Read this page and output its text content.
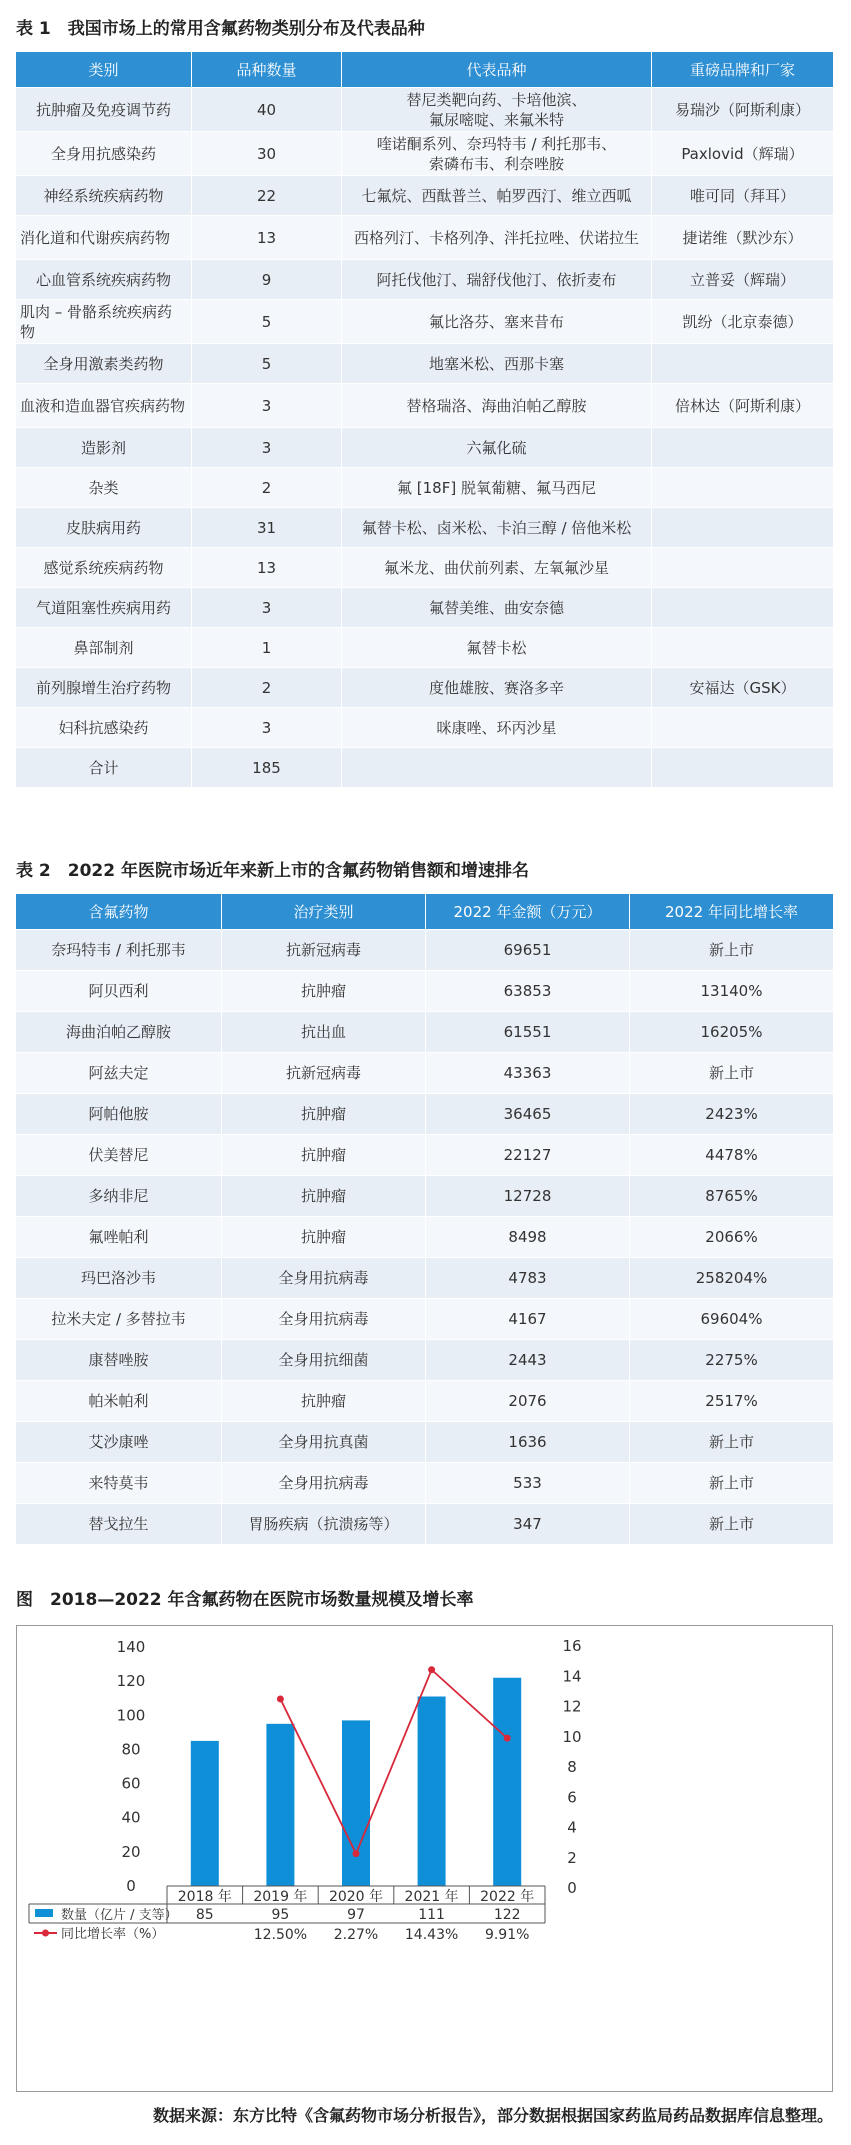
表 1　我国市场上的常用含氟药物类别分布及代表品种
类别	品种数量	代表品种	重磅品牌和厂家
抗肿瘤及免疫调节药	40	替尼类靶向药、卡培他滨、
氟尿嘧啶、来氟米特	易瑞沙（阿斯利康）
全身用抗感染药	30	喹诺酮系列、奈玛特韦 / 利托那韦、
索磷布韦、利奈唑胺	Paxlovid（辉瑞）
神经系统疾病药物	22	七氟烷、西酞普兰、帕罗西汀、维立西呱	唯可同（拜耳）
消化道和代谢疾病药物	13	西格列汀、卡格列净、泮托拉唑、伏诺拉生	捷诺维（默沙东）
心血管系统疾病药物	9	阿托伐他汀、瑞舒伐他汀、依折麦布	立普妥（辉瑞）
肌肉 – 骨骼系统疾病药物	5	氟比洛芬、塞来昔布	凯纷（北京泰德）
全身用激素类药物	5	地塞米松、西那卡塞	
血液和造血器官疾病药物	3	替格瑞洛、海曲泊帕乙醇胺	倍林达（阿斯利康）
造影剂	3	六氟化硫	
杂类	2	氟 [18F] 脱氧葡糖、氟马西尼	
皮肤病用药	31	氟替卡松、卤米松、卡泊三醇 / 倍他米松	
感觉系统疾病药物	13	氟米龙、曲伏前列素、左氧氟沙星	
气道阻塞性疾病用药	3	氟替美维、曲安奈德	
鼻部制剂	1	氟替卡松	
前列腺增生治疗药物	2	度他雄胺、赛洛多辛	安福达（GSK）
妇科抗感染药	3	咪康唑、环丙沙星	
合计	185		
表 2　2022 年医院市场近年来新上市的含氟药物销售额和增速排名
含氟药物	治疗类别	2022 年金额（万元）	2022 年同比增长率
奈玛特韦 / 利托那韦	抗新冠病毒	69651	新上市
阿贝西利	抗肿瘤	63853	13140%
海曲泊帕乙醇胺	抗出血	61551	16205%
阿兹夫定	抗新冠病毒	43363	新上市
阿帕他胺	抗肿瘤	36465	2423%
伏美替尼	抗肿瘤	22127	4478%
多纳非尼	抗肿瘤	12728	8765%
氟唑帕利	抗肿瘤	8498	2066%
玛巴洛沙韦	全身用抗病毒	4783	258204%
拉米夫定 / 多替拉韦	全身用抗病毒	4167	69604%
康替唑胺	全身用抗细菌	2443	2275%
帕米帕利	抗肿瘤	2076	2517%
艾沙康唑	全身用抗真菌	1636	新上市
来特莫韦	全身用抗病毒	533	新上市
替戈拉生	胃肠疾病（抗溃疡等）	347	新上市
图　2018—2022 年含氟药物在医院市场数量规模及增长率
0
20
40
60
80
100
120
140
0
2
4
6
8
10
12
14
16
2018 年 2019 年 2020 年 2021 年 2022 年
85	95	97	111	122
12.50% 2.27% 14.43% 9.91%
数量（亿片 / 支等）
同比增长率（%）
数据来源：东方比特《含氟药物市场分析报告》，部分数据根据国家药监局药品数据库信息整理。
